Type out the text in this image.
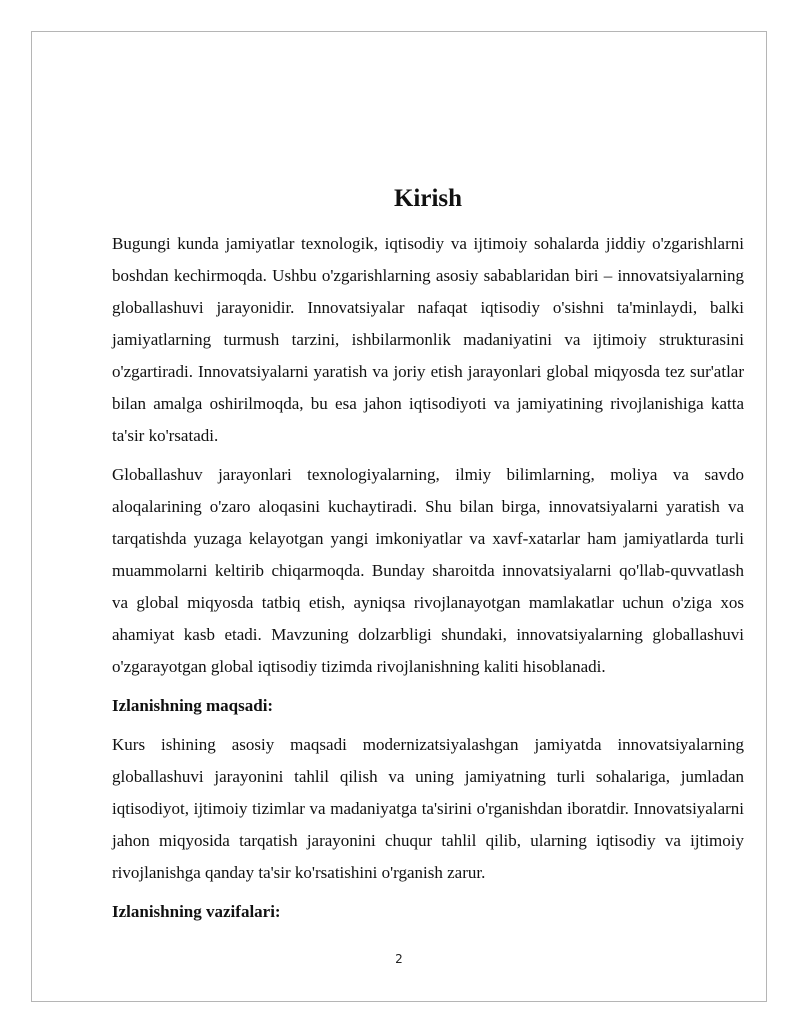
Kirish

Bugungi kunda jamiyatlar texnologik, iqtisodiy va ijtimoiy sohalarda jiddiy o'zgarishlarni boshdan kechirmoqda. Ushbu o'zgarishlarning asosiy sabablaridan biri – innovatsiyalarning globallashuvi jarayonidir. Innovatsiyalar nafaqat iqtisodiy o'sishni ta'minlaydi, balki jamiyatlarning turmush tarzini, ishbilarmonlik madaniyatini va ijtimoiy strukturasini o'zgartiradi. Innovatsiyalarni yaratish va joriy etish jarayonlari global miqyosda tez sur'atlar bilan amalga oshirilmoqda, bu esa jahon iqtisodiyoti va jamiyatining rivojlanishiga katta ta'sir ko'rsatadi.

Globallashuv jarayonlari texnologiyalarning, ilmiy bilimlarning, moliya va savdo aloqalarining o'zaro aloqasini kuchaytiradi. Shu bilan birga, innovatsiyalarni yaratish va tarqatishda yuzaga kelayotgan yangi imkoniyatlar va xavf-xatarlar ham jamiyatlarda turli muammolarni keltirib chiqarmoqda. Bunday sharoitda innovatsiyalarni qo'llab-quvvatlash va global miqyosda tatbiq etish, ayniqsa rivojlanayotgan mamlakatlar uchun o'ziga xos ahamiyat kasb etadi. Mavzuning dolzarbligi shundaki, innovatsiyalarning globallashuvi o'zgarayotgan global iqtisodiy tizimda rivojlanishning kaliti hisoblanadi.

Izlanishning maqsadi:

Kurs ishining asosiy maqsadi modernizatsiyalashgan jamiyatda innovatsiyalarning globallashuvi jarayonini tahlil qilish va uning jamiyatning turli sohalariga, jumladan iqtisodiyot, ijtimoiy tizimlar va madaniyatga ta'sirini o'rganishdan iboratdir. Innovatsiyalarni jahon miqyosida tarqatish jarayonini chuqur tahlil qilib, ularning iqtisodiy va ijtimoiy rivojlanishga qanday ta'sir ko'rsatishini o'rganish zarur.

Izlanishning vazifalari:

2
